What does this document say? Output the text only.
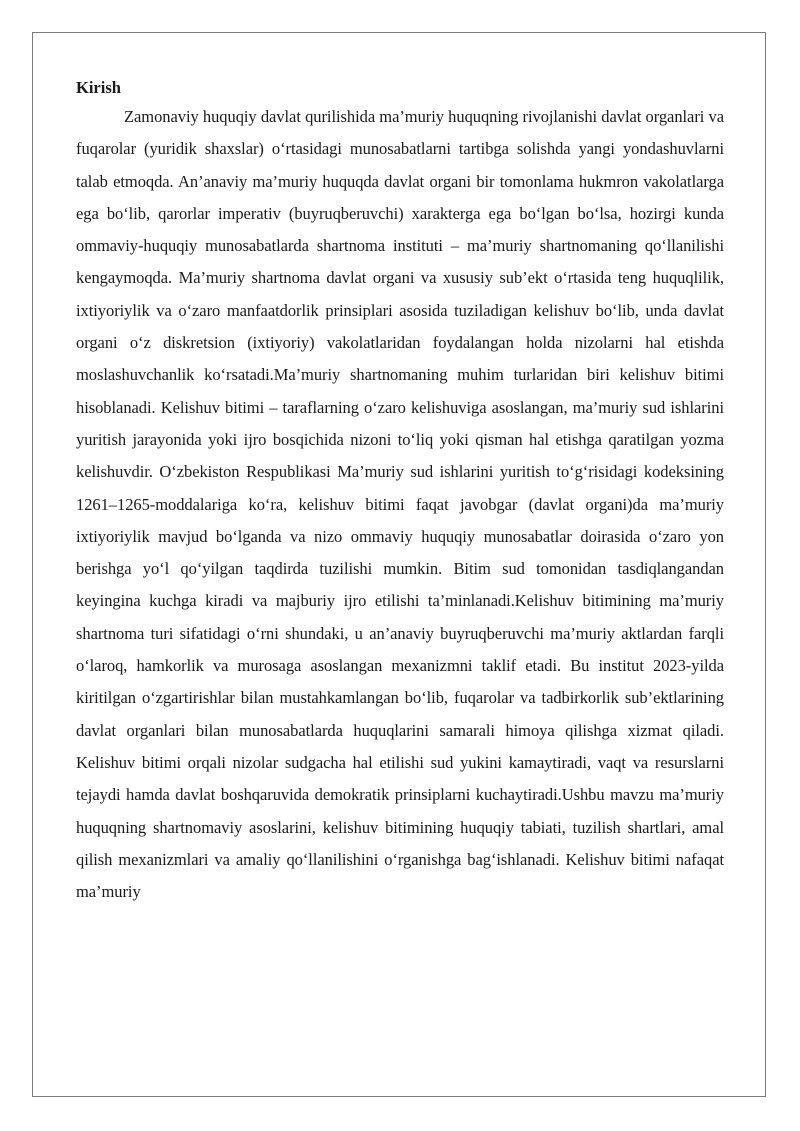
Kirish

Zamonaviy huquqiy davlat qurilishida ma’muriy huquqning rivojlanishi davlat organlari va fuqarolar (yuridik shaxslar) o‘rtasidagi munosabatlarni tartibga solishda yangi yondashuvlarni talab etmoqda. An’anaviy ma’muriy huquqda davlat organi bir tomonlama hukmron vakolatlarga ega bo‘lib, qarorlar imperativ (buyruqberuvchi) xarakterga ega bo‘lgan bo‘lsa, hozirgi kunda ommaviy-huquqiy munosabatlarda shartnoma instituti – ma’muriy shartnomaning qo‘llanilishi kengaymoqda. Ma’muriy shartnoma davlat organi va xususiy sub’ekt o‘rtasida teng huquqlilik, ixtiyoriylik va o‘zaro manfaatdorlik prinsiplari asosida tuziladigan kelishuv bo‘lib, unda davlat organi o‘z diskretsion (ixtiyoriy) vakolatlaridan foydalangan holda nizolarni hal etishda moslashuvchanlik ko‘rsatadi.Ma’muriy shartnomaning muhim turlaridan biri kelishuv bitimi hisoblanadi. Kelishuv bitimi – taraflarning o‘zaro kelishuviga asoslangan, ma’muriy sud ishlarini yuritish jarayonida yoki ijro bosqichida nizoni to‘liq yoki qisman hal etishga qaratilgan yozma kelishuvdir. O‘zbekiston Respublikasi Ma’muriy sud ishlarini yuritish to‘g‘risidagi kodeksining 1261–1265-moddalariga ko‘ra, kelishuv bitimi faqat javobgar (davlat organi)da ma’muriy ixtiyoriylik mavjud bo‘lganda va nizo ommaviy huquqiy munosabatlar doirasida o‘zaro yon berishga yo‘l qo‘yilgan taqdirda tuzilishi mumkin. Bitim sud tomonidan tasdiqlangandan keyingina kuchga kiradi va majburiy ijro etilishi ta’minlanadi.Kelishuv bitimining ma’muriy shartnoma turi sifatidagi o‘rni shundaki, u an’anaviy buyruqberuvchi ma’muriy aktlardan farqli o‘laroq, hamkorlik va murosaga asoslangan mexanizmni taklif etadi. Bu institut 2023-yilda kiritilgan o‘zgartirishlar bilan mustahkamlangan bo‘lib, fuqarolar va tadbirkorlik sub’ektlarining davlat organlari bilan munosabatlarda huquqlarini samarali himoya qilishga xizmat qiladi. Kelishuv bitimi orqali nizolar sudgacha hal etilishi sud yukini kamaytiradi, vaqt va resurslarni tejaydi hamda davlat boshqaruvida demokratik prinsiplarni kuchaytiradi.Ushbu mavzu ma’muriy huquqning shartnomaviy asoslarini, kelishuv bitimining huquqiy tabiati, tuzilish shartlari, amal qilish mexanizmlari va amaliy qo‘llanilishini o‘rganishga bag‘ishlanadi. Kelishuv bitimi nafaqat ma’muriy
